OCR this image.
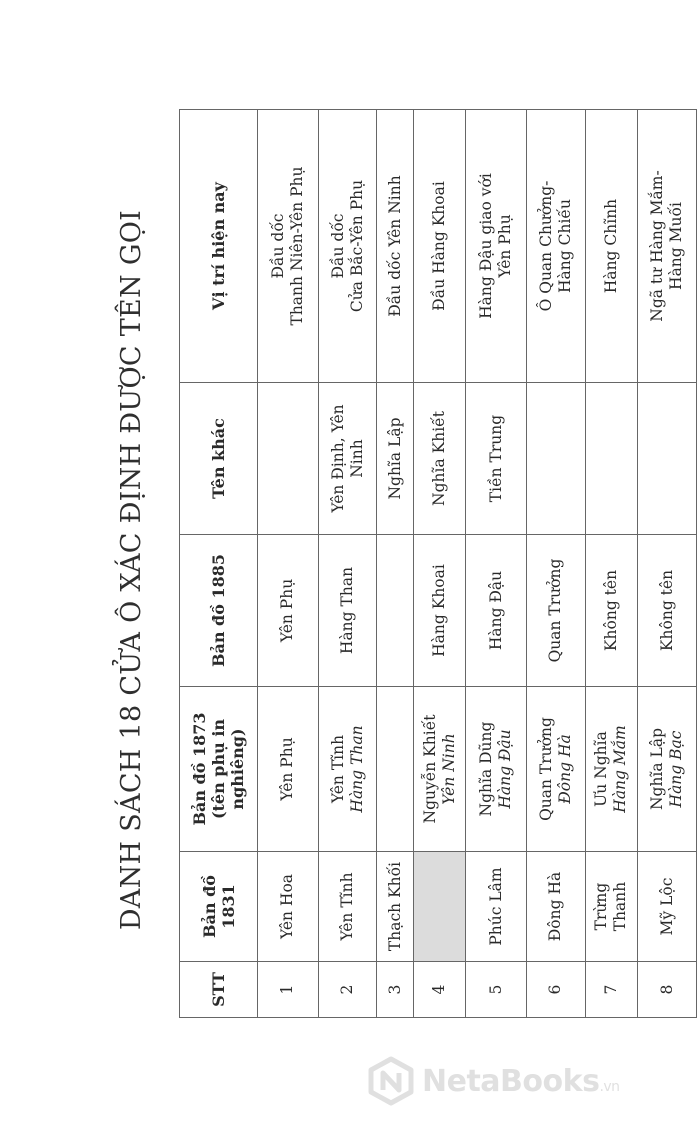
DANH SÁCH 18 CỬA Ô XÁC ĐỊNH ĐƯỢC TÊN GỌI
STT	Bản đồ 1831	Bản đồ 1873
(tên phụ in nghiêng)	Bản đồ 1885	Tên khác	Vị trí hiện nay
1	Yên Hoa	Yên Phụ	Yên Phụ		Đầu dốc
Thanh Niên-Yên Phụ
2	Yên Tĩnh	Yên Tĩnh Hàng Than	Hàng Than	Yên Định, Yên Ninh	Đầu dốc
Cửa Bắc-Yên Phụ
3	Thạch Khối			Nghĩa Lập	Đầu dốc Yên Ninh
4		Nguyễn Khiết Yên Ninh	Hàng Khoai	Nghĩa Khiết	Đầu Hàng Khoai
5	Phúc Lâm	Nghĩa Dũng Hàng Đậu	Hàng Đậu	Tiền Trung	Hàng Đậu giao với
Yên Phụ
6	Đông Hà	Quan Trưởng Đông Hà	Quan Trưởng		Ô Quan Chưởng-
Hàng Chiếu
7	Trừng Thanh	Ưu Nghĩa Hàng Mắm	Không tên		Hàng Chĩnh
8	Mỹ Lộc	Nghĩa Lập Hàng Bạc	Không tên		Ngã tư Hàng Mắm-
Hàng Muối
NetaBooks.vn
